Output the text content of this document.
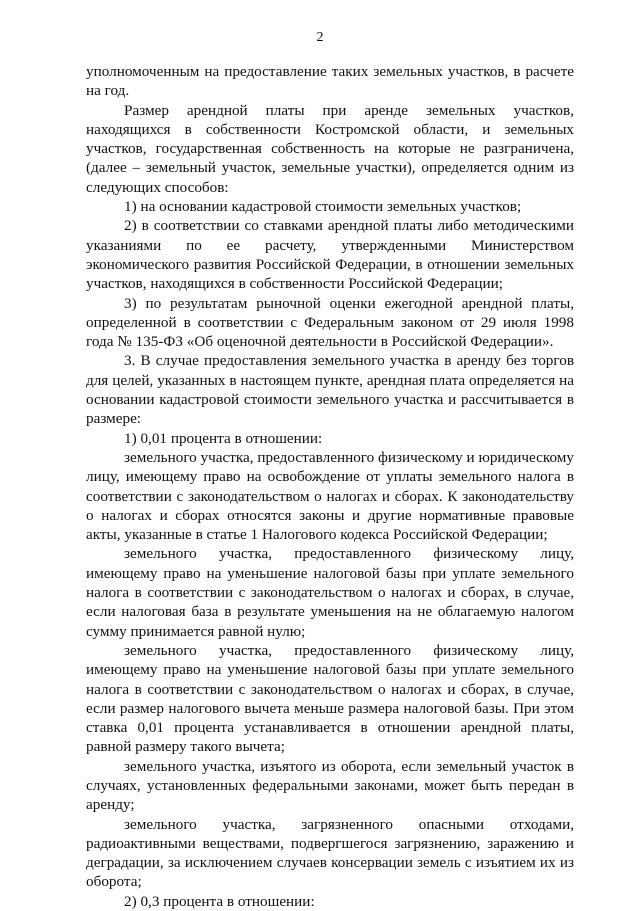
2

уполномоченным на предоставление таких земельных участков, в расчете на год.

Размер арендной платы при аренде земельных участков, находящихся в собственности Костромской области, и земельных участков, государственная собственность на которые не разграничена, (далее – земельный участок, земельные участки), определяется одним из следующих способов:

1) на основании кадастровой стоимости земельных участков;

2) в соответствии со ставками арендной платы либо методическими указаниями по ее расчету, утвержденными Министерством экономического развития Российской Федерации, в отношении земельных участков, находящихся в собственности Российской Федерации;

3) по результатам рыночной оценки ежегодной арендной платы, определенной в соответствии с Федеральным законом от 29 июля 1998 года № 135-ФЗ «Об оценочной деятельности в Российской Федерации».

3. В случае предоставления земельного участка в аренду без торгов для целей, указанных в настоящем пункте, арендная плата определяется на основании кадастровой стоимости земельного участка и рассчитывается в размере:

1) 0,01 процента в отношении:

земельного участка, предоставленного физическому и юридическому лицу, имеющему право на освобождение от уплаты земельного налога в соответствии с законодательством о налогах и сборах. К законодательству о налогах и сборах относятся законы и другие нормативные правовые акты, указанные в статье 1 Налогового кодекса Российской Федерации;

земельного участка, предоставленного физическому лицу, имеющему право на уменьшение налоговой базы при уплате земельного налога в соответствии с законодательством о налогах и сборах, в случае, если налоговая база в результате уменьшения на не облагаемую налогом сумму принимается равной нулю;

земельного участка, предоставленного физическому лицу, имеющему право на уменьшение налоговой базы при уплате земельного налога в соответствии с законодательством о налогах и сборах, в случае, если размер налогового вычета меньше размера налоговой базы. При этом ставка 0,01 процента устанавливается в отношении арендной платы, равной размеру такого вычета;

земельного участка, изъятого из оборота, если земельный участок в случаях, установленных федеральными законами, может быть передан в аренду;

земельного участка, загрязненного опасными отходами, радиоактивными веществами, подвергшегося загрязнению, заражению и деградации, за исключением случаев консервации земель с изъятием их из оборота;

2) 0,3 процента в отношении:
